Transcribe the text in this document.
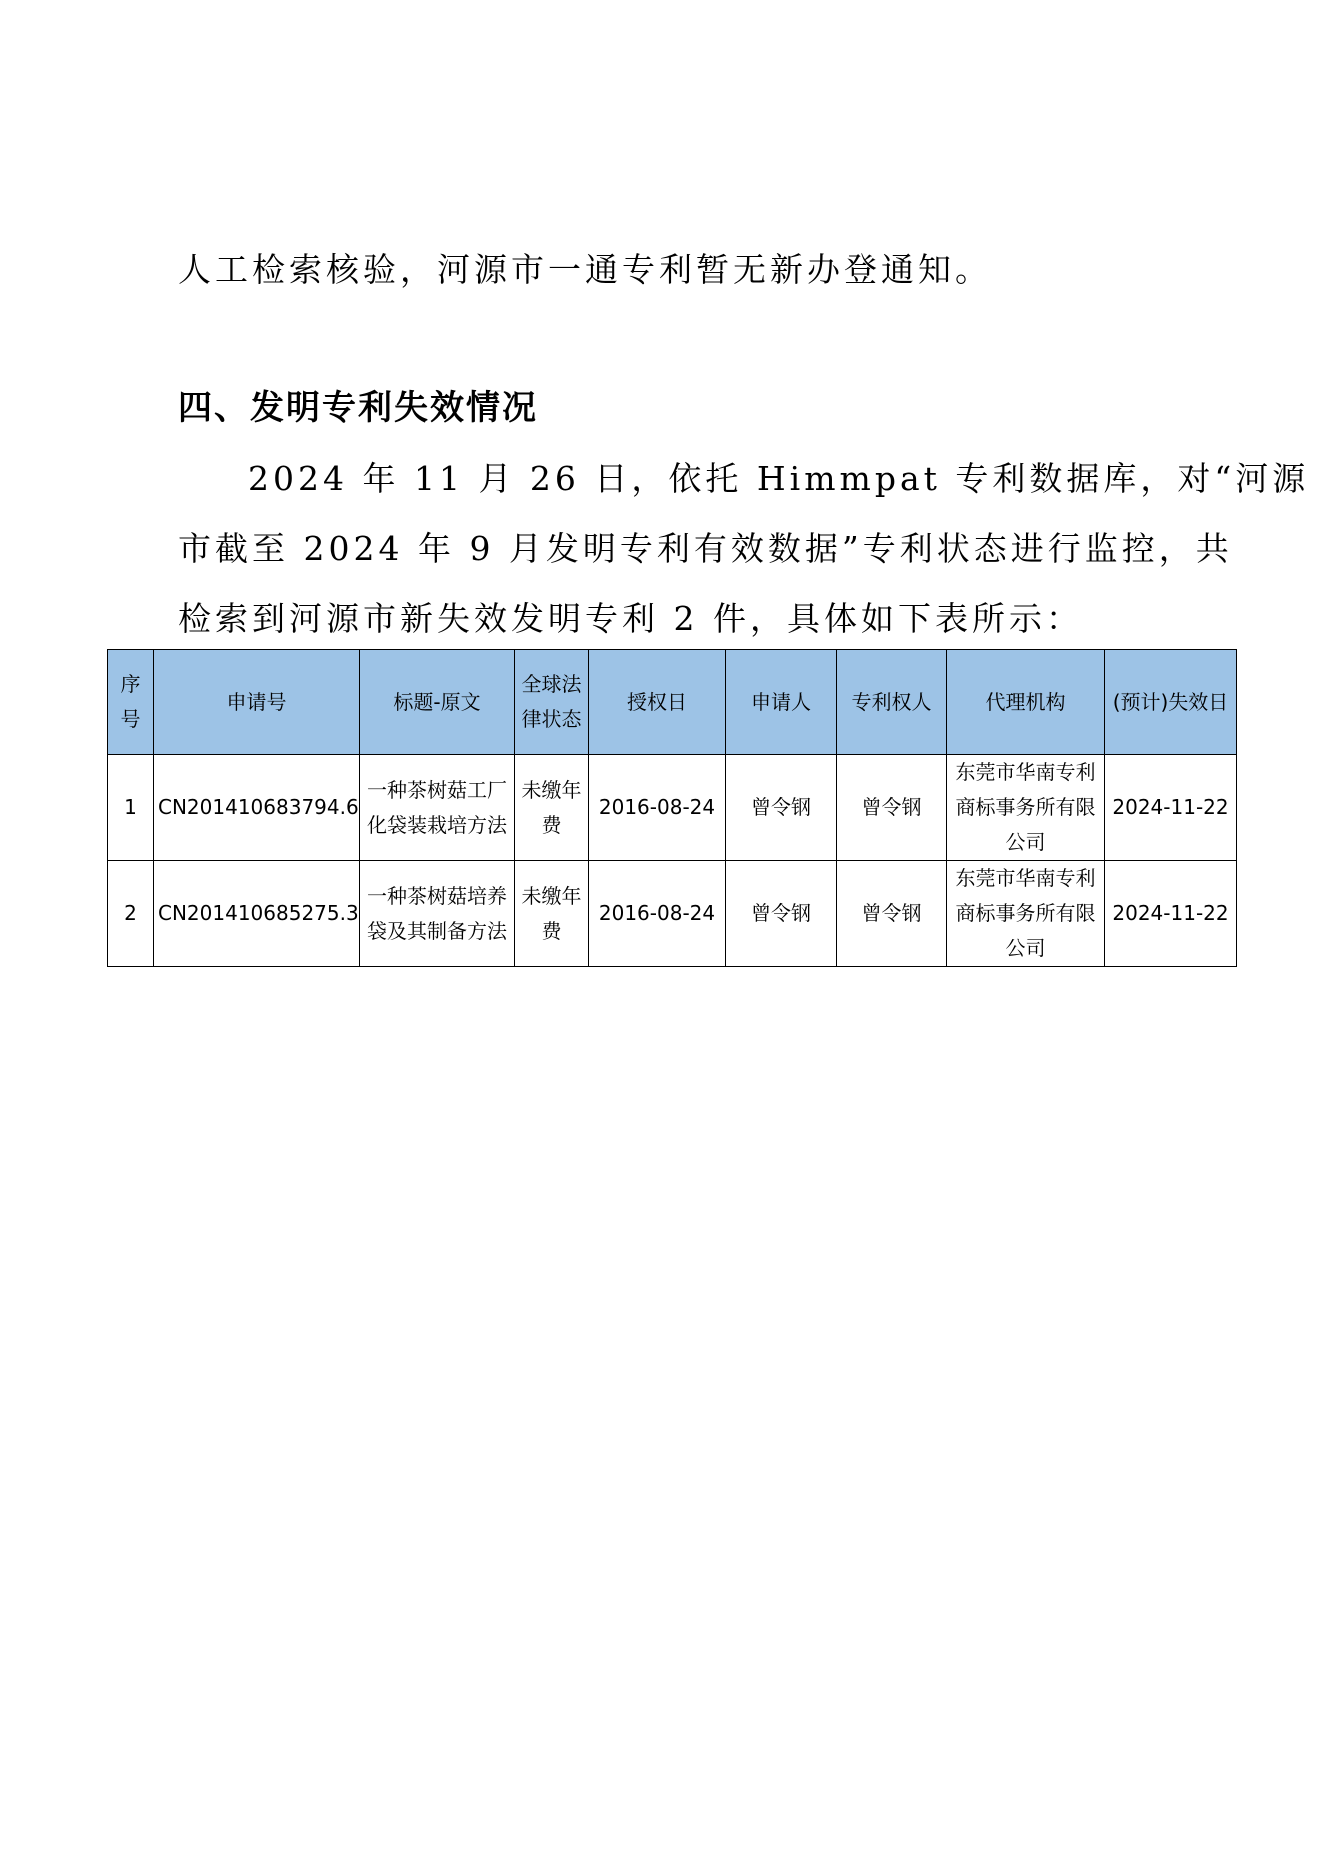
人工检索核验，河源市一通专利暂无新办登通知。

四、发明专利失效情况

2024 年 11 月 26 日，依托 Himmpat 专利数据库，对“河源
市截至 2024 年 9 月发明专利有效数据”专利状态进行监控，共
检索到河源市新失效发明专利 2 件，具体如下表所示：

序号	申请号	标题-原文	全球法律状态	授权日	申请人	专利权人	代理机构	(预计)失效日
1	CN201410683794.6	一种茶树菇工厂化袋装栽培方法	未缴年费	2016-08-24	曾令钢	曾令钢	东莞市华南专利商标事务所有限公司	2024-11-22
2	CN201410685275.3	一种茶树菇培养袋及其制备方法	未缴年费	2016-08-24	曾令钢	曾令钢	东莞市华南专利商标事务所有限公司	2024-11-22
